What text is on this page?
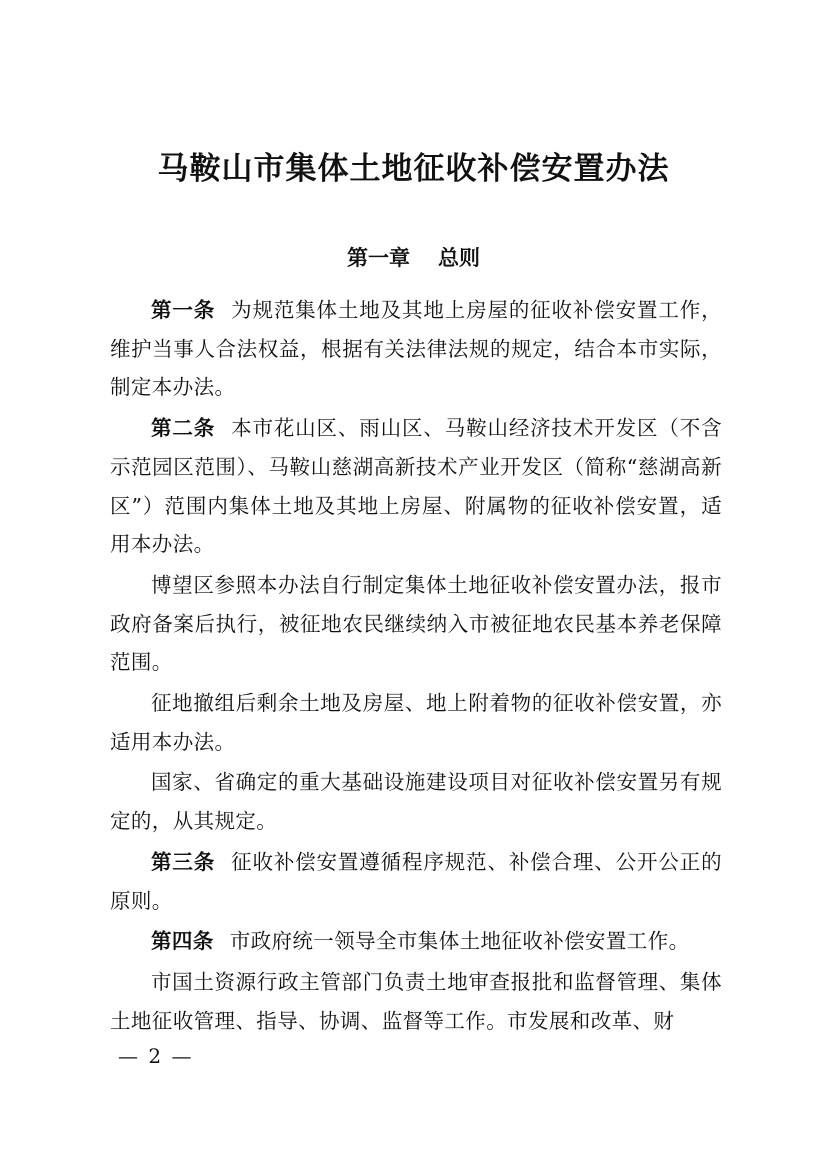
马鞍山市集体土地征收补偿安置办法
第一章 总则

第一条 为规范集体土地及其地上房屋的征收补偿安置工作，维护当事人合法权益，根据有关法律法规的规定，结合本市实际，制定本办法。

第二条 本市花山区、雨山区、马鞍山经济技术开发区（不含示范园区范围）、马鞍山慈湖高新技术产业开发区（简称“慈湖高新区”）范围内集体土地及其地上房屋、附属物的征收补偿安置，适用本办法。

博望区参照本办法自行制定集体土地征收补偿安置办法，报市政府备案后执行，被征地农民继续纳入市被征地农民基本养老保障范围。

征地撤组后剩余土地及房屋、地上附着物的征收补偿安置，亦适用本办法。

国家、省确定的重大基础设施建设项目对征收补偿安置另有规定的，从其规定。

第三条 征收补偿安置遵循程序规范、补偿合理、公开公正的原则。

第四条 市政府统一领导全市集体土地征收补偿安置工作。

市国土资源行政主管部门负责土地审查报批和监督管理、集体土地征收管理、指导、协调、监督等工作。市发展和改革、财

— 2 —
